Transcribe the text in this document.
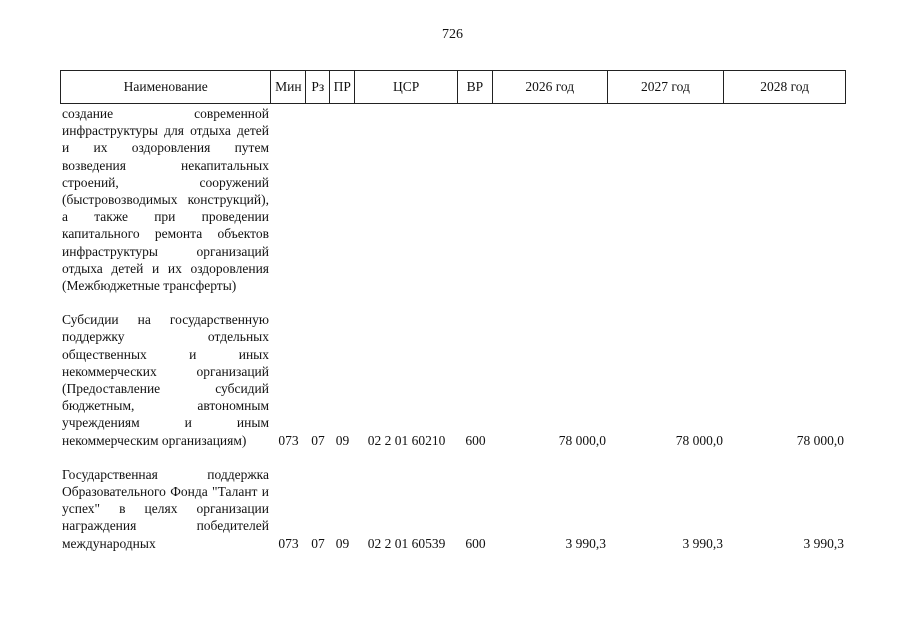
726
Наименование	Мин Рз ПР	ЦСР	ВР	2026 год	2027 год	2028 год
создание современной инфраструктуры для отдыха детей и их оздоровления путем возведения некапитальных строений, сооружений (быстровозводимых конструкций), а также при проведении капитального ремонта объектов инфраструктуры организаций отдыха детей и их оздоровления (Межбюджетные трансферты)
Субсидии на государственную поддержку отдельных общественных и иных некоммерческих организаций (Предоставление субсидий бюджетным, автономным учреждениям и иным некоммерческим организациям)	073 07 09	02 2 01 60210	600	78 000,0	78 000,0	78 000,0
Государственная поддержка Образовательного Фонда "Талант и успех" в целях организации награждения победителей международных	073 07 09	02 2 01 60539	600	3 990,3	3 990,3	3 990,3
